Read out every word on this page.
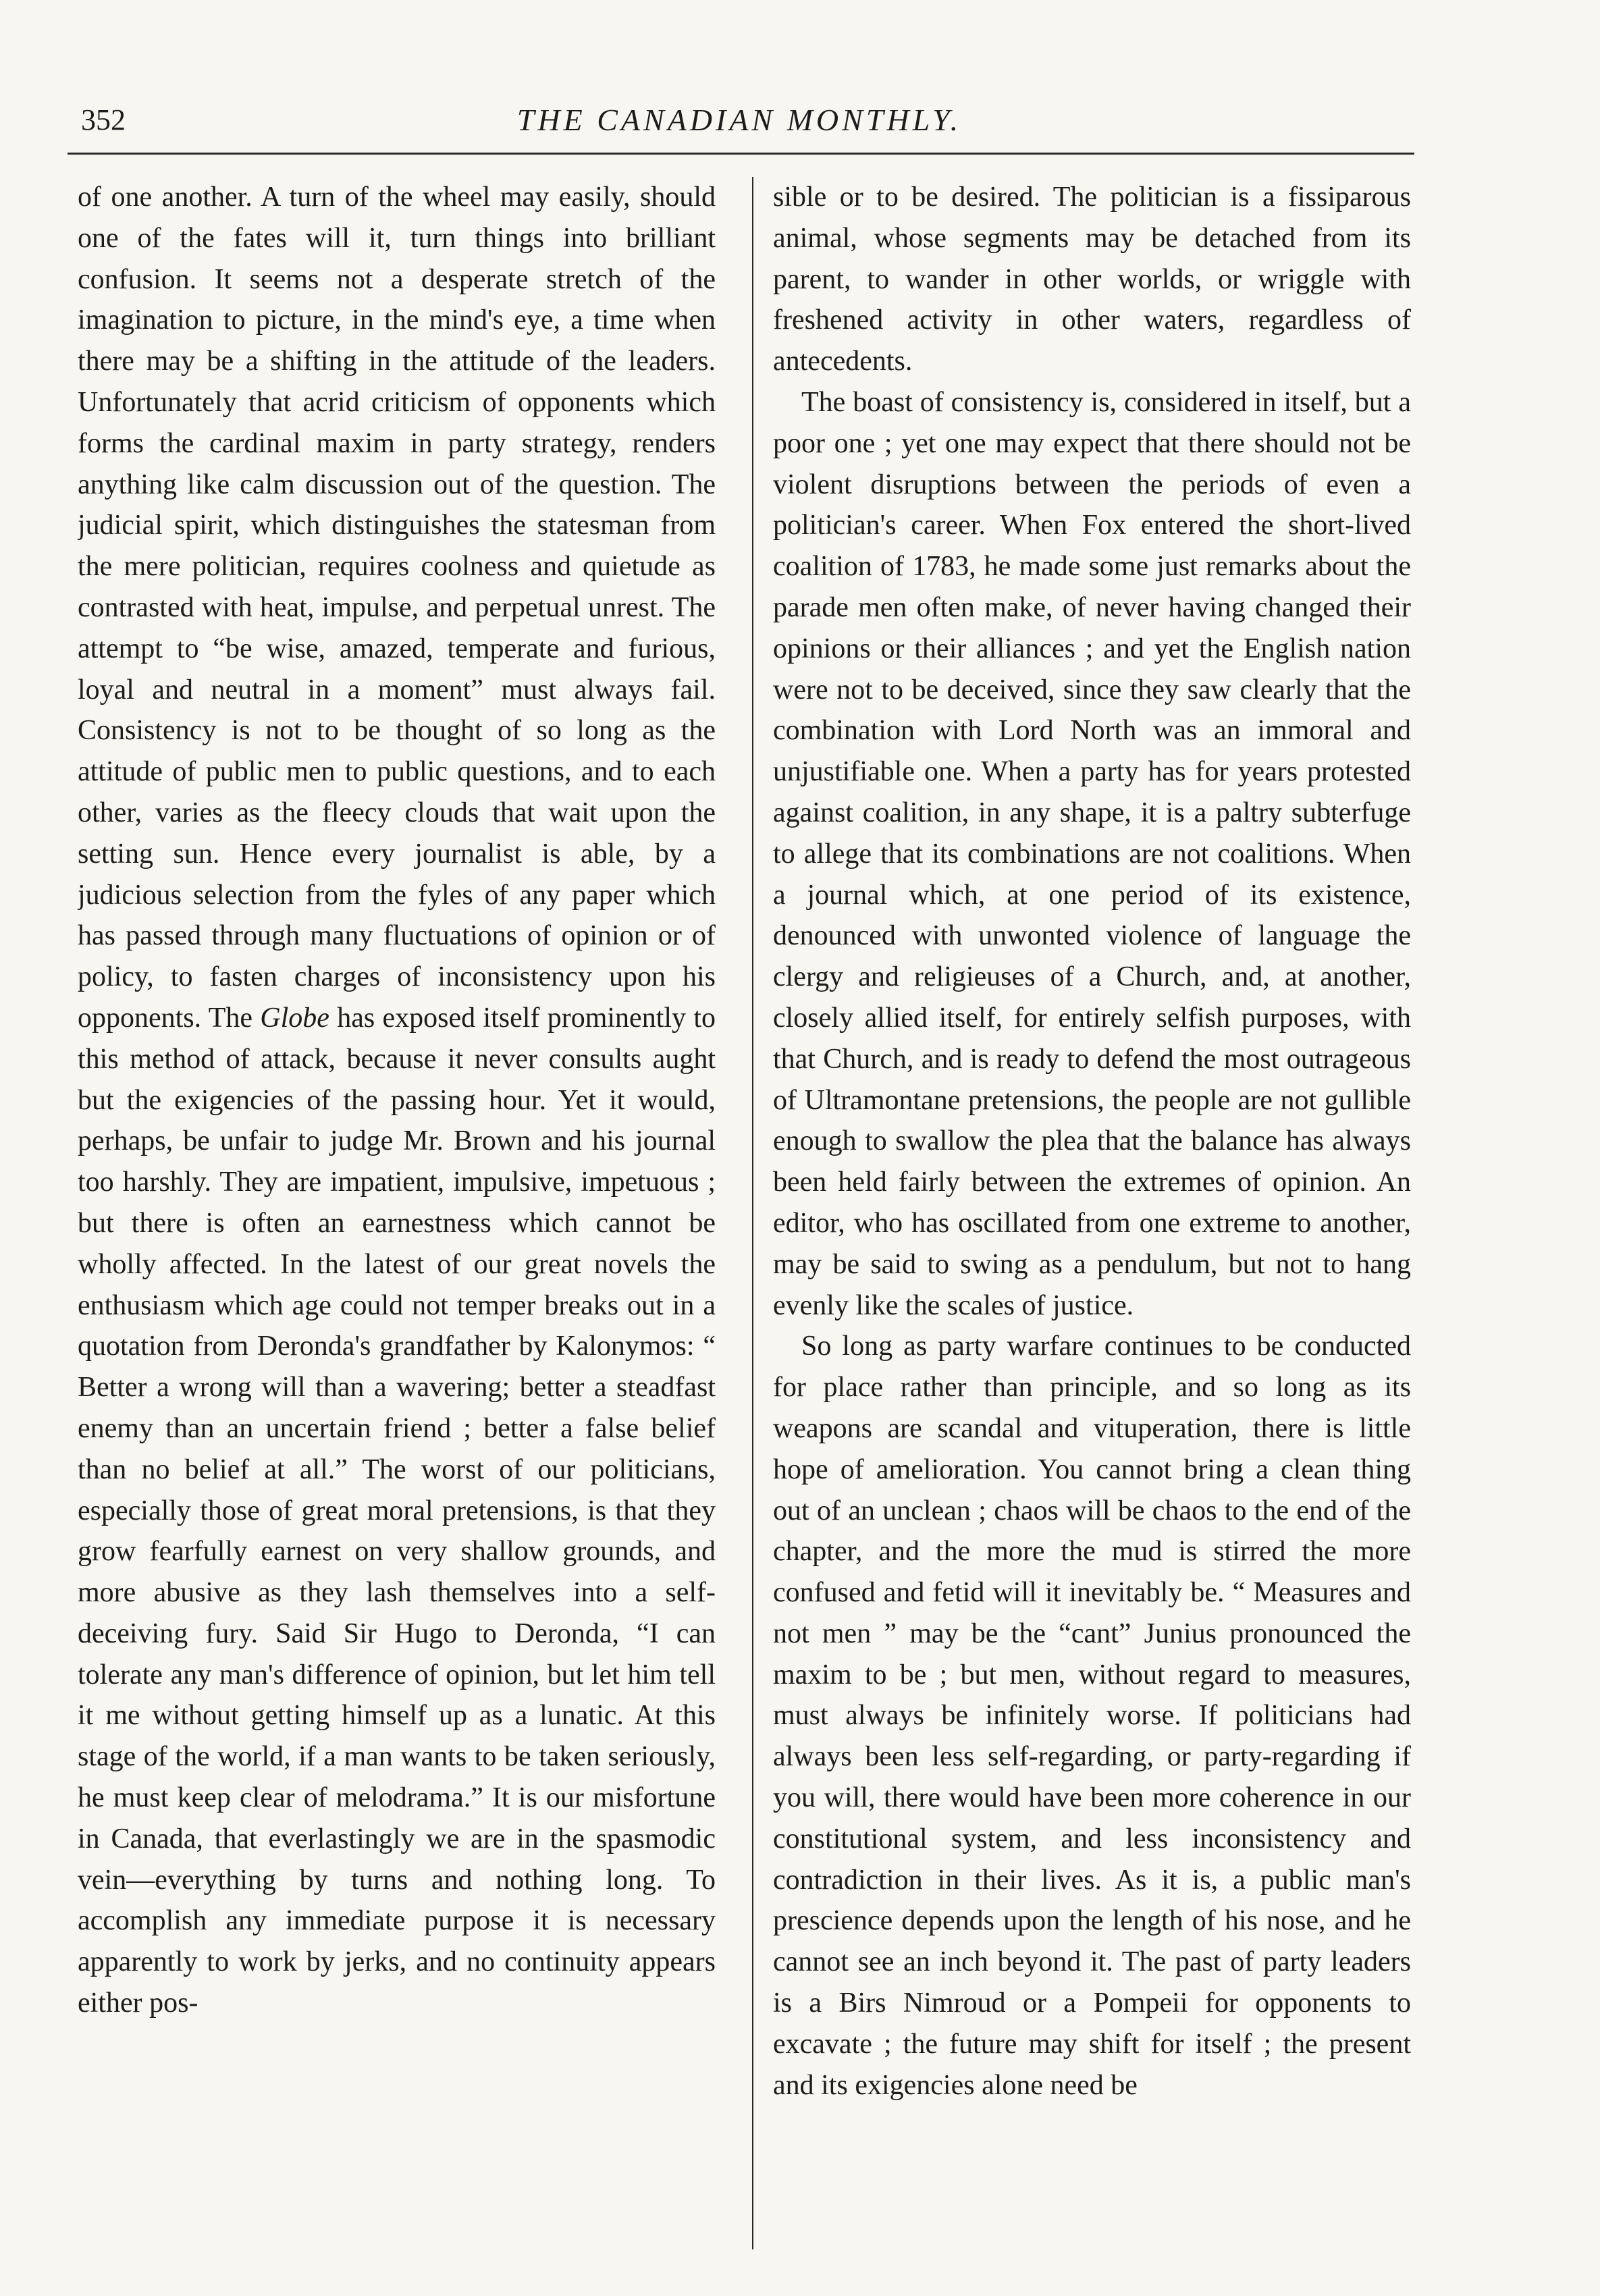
352	THE CANADIAN MONTHLY.

of one another. A turn of the wheel may easily, should one of the fates will it, turn things into brilliant confusion. It seems not a desperate stretch of the imagination to picture, in the mind's eye, a time when there may be a shifting in the attitude of the leaders. Unfortunately that acrid criticism of opponents which forms the cardinal maxim in party strategy, renders anything like calm discussion out of the question. The judicial spirit, which distinguishes the statesman from the mere politician, requires coolness and quietude as contrasted with heat, impulse, and perpetual unrest. The attempt to “be wise, amazed, temperate and furious, loyal and neutral in a moment” must always fail. Consistency is not to be thought of so long as the attitude of public men to public questions, and to each other, varies as the fleecy clouds that wait upon the setting sun. Hence every journalist is able, by a judicious selection from the fyles of any paper which has passed through many fluctuations of opinion or of policy, to fasten charges of inconsistency upon his opponents. The Globe has exposed itself prominently to this method of attack, because it never consults aught but the exigencies of the passing hour. Yet it would, perhaps, be unfair to judge Mr. Brown and his journal too harshly. They are impatient, impulsive, impetuous ; but there is often an earnestness which cannot be wholly affected. In the latest of our great novels the enthusiasm which age could not temper breaks out in a quotation from Deronda's grandfather by Kalonymos: “ Better a wrong will than a wavering; better a steadfast enemy than an uncertain friend ; better a false belief than no belief at all.” The worst of our politicians, especially those of great moral pretensions, is that they grow fearfully earnest on very shallow grounds, and more abusive as they lash themselves into a self-deceiving fury. Said Sir Hugo to Deronda, “I can tolerate any man's difference of opinion, but let him tell it me without getting himself up as a lunatic. At this stage of the world, if a man wants to be taken seriously, he must keep clear of melodrama.” It is our misfortune in Canada, that everlastingly we are in the spasmodic vein—everything by turns and nothing long. To accomplish any immediate purpose it is necessary apparently to work by jerks, and no continuity appears either pos-

sible or to be desired. The politician is a fissiparous animal, whose segments may be detached from its parent, to wander in other worlds, or wriggle with freshened activity in other waters, regardless of antecedents.

The boast of consistency is, considered in itself, but a poor one ; yet one may expect that there should not be violent disruptions between the periods of even a politician's career. When Fox entered the short-lived coalition of 1783, he made some just remarks about the parade men often make, of never having changed their opinions or their alliances ; and yet the English nation were not to be deceived, since they saw clearly that the combination with Lord North was an immoral and unjustifiable one. When a party has for years protested against coalition, in any shape, it is a paltry subterfuge to allege that its combinations are not coalitions. When a journal which, at one period of its existence, denounced with unwonted violence of language the clergy and religieuses of a Church, and, at another, closely allied itself, for entirely selfish purposes, with that Church, and is ready to defend the most outrageous of Ultramontane pretensions, the people are not gullible enough to swallow the plea that the balance has always been held fairly between the extremes of opinion. An editor, who has oscillated from one extreme to another, may be said to swing as a pendulum, but not to hang evenly like the scales of justice.

So long as party warfare continues to be conducted for place rather than principle, and so long as its weapons are scandal and vituperation, there is little hope of amelioration. You cannot bring a clean thing out of an unclean ; chaos will be chaos to the end of the chapter, and the more the mud is stirred the more confused and fetid will it inevitably be. “ Measures and not men ” may be the “cant” Junius pronounced the maxim to be ; but men, without regard to measures, must always be infinitely worse. If politicians had always been less self-regarding, or party-regarding if you will, there would have been more coherence in our constitutional system, and less inconsistency and contradiction in their lives. As it is, a public man's prescience depends upon the length of his nose, and he cannot see an inch beyond it. The past of party leaders is a Birs Nimroud or a Pompeii for opponents to excavate ; the future may shift for itself ; the present and its exigencies alone need be
